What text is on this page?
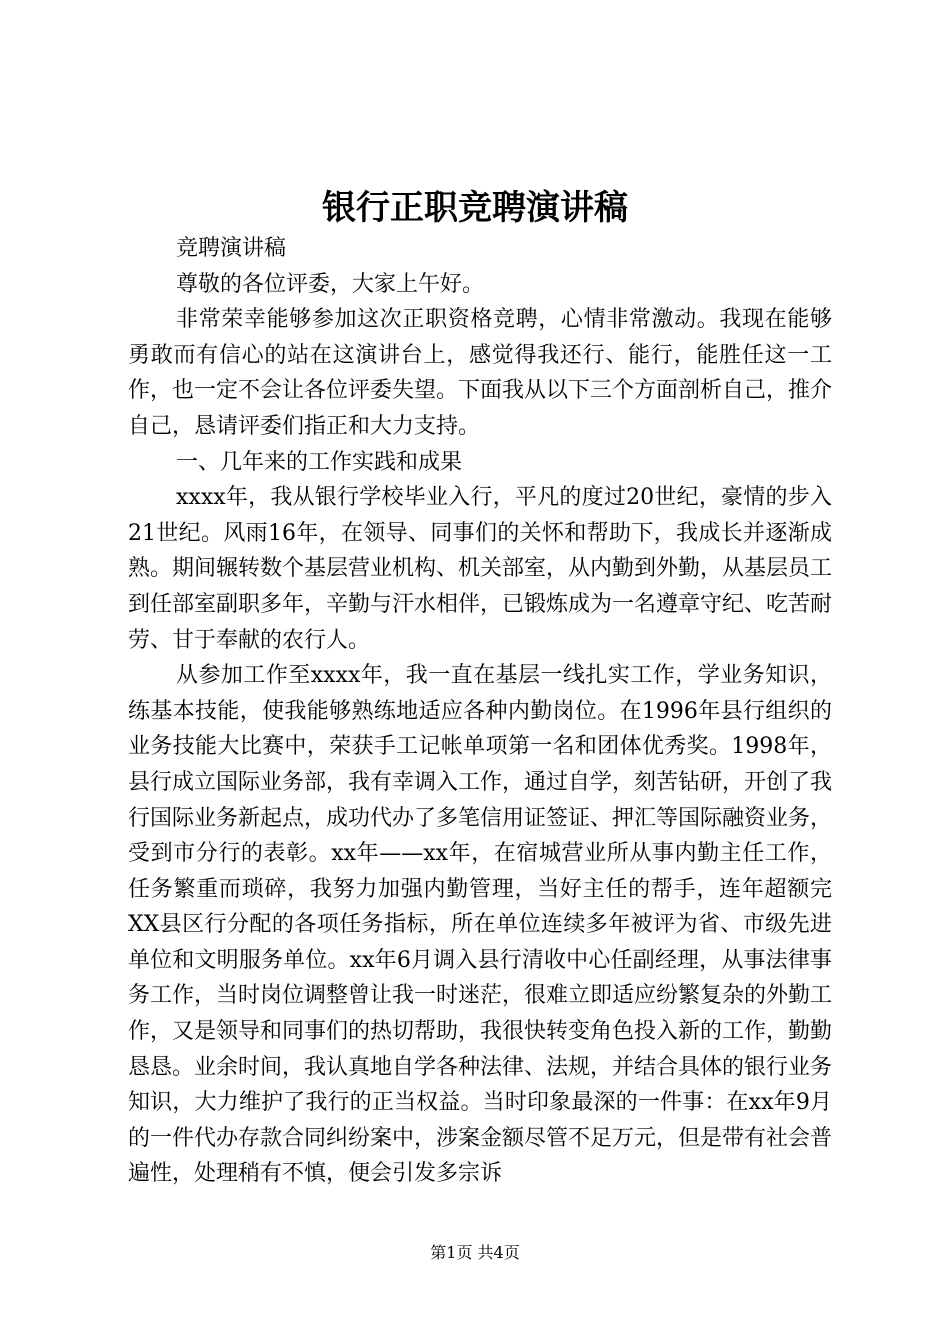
银行正职竞聘演讲稿

竞聘演讲稿

尊敬的各位评委，大家上午好。

非常荣幸能够参加这次正职资格竞聘，心情非常激动。我现在能够勇敢而有信心的站在这演讲台上，感觉得我还行、能行，能胜任这一工作，也一定不会让各位评委失望。下面我从以下三个方面剖析自己，推介自己，恳请评委们指正和大力支持。

一、几年来的工作实践和成果

xxxx年，我从银行学校毕业入行，平凡的度过20世纪，豪情的步入21世纪。风雨16年，在领导、同事们的关怀和帮助下，我成长并逐渐成熟。期间辗转数个基层营业机构、机关部室，从内勤到外勤，从基层员工到任部室副职多年，辛勤与汗水相伴，已锻炼成为一名遵章守纪、吃苦耐劳、甘于奉献的农行人。

从参加工作至xxxx年，我一直在基层一线扎实工作，学业务知识，练基本技能，使我能够熟练地适应各种内勤岗位。在1996年县行组织的业务技能大比赛中，荣获手工记帐单项第一名和团体优秀奖。1998年，县行成立国际业务部，我有幸调入工作，通过自学，刻苦钻研，开创了我行国际业务新起点，成功代办了多笔信用证签证、押汇等国际融资业务，受到市分行的表彰。xx年——xx年，在宿城营业所从事内勤主任工作，任务繁重而琐碎，我努力加强内勤管理，当好主任的帮手，连年超额完XX县区行分配的各项任务指标，所在单位连续多年被评为省、市级先进单位和文明服务单位。xx年6月调入县行清收中心任副经理，从事法律事务工作，当时岗位调整曾让我一时迷茫，很难立即适应纷繁复杂的外勤工作，又是领导和同事们的热切帮助，我很快转变角色投入新的工作，勤勤恳恳。业余时间，我认真地自学各种法律、法规，并结合具体的银行业务知识，大力维护了我行的正当权益。当时印象最深的一件事：在xx年9月的一件代办存款合同纠纷案中，涉案金额尽管不足万元，但是带有社会普遍性，处理稍有不慎，便会引发多宗诉

第1页 共4页
